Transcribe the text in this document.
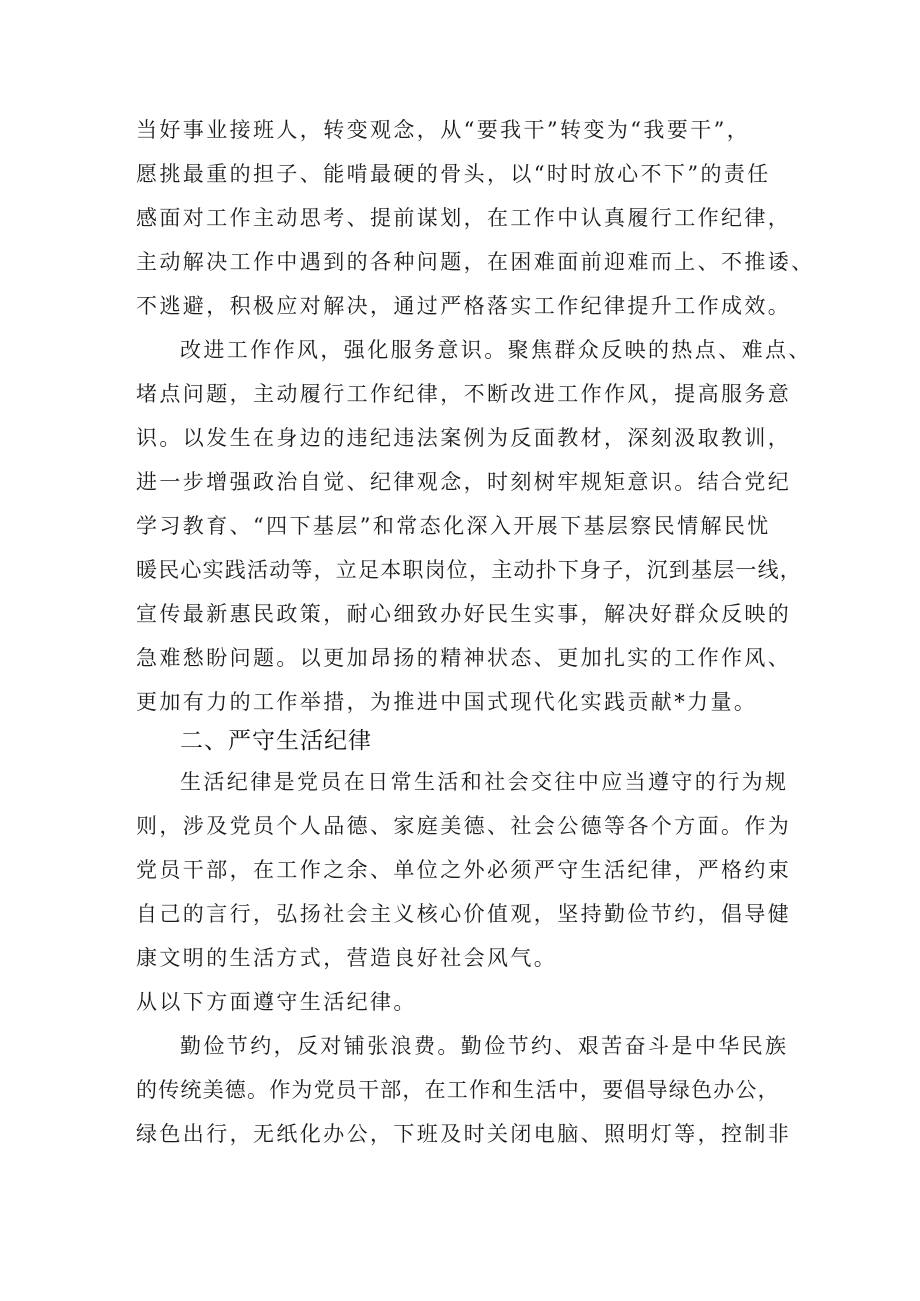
当好事业接班人，转变观念，从“要我干”转变为“我要干”，
愿挑最重的担子、能啃最硬的骨头，以“时时放心不下”的责任
感面对工作主动思考、提前谋划，在工作中认真履行工作纪律，
主动解决工作中遇到的各种问题，在困难面前迎难而上、不推诿、
不逃避，积极应对解决，通过严格落实工作纪律提升工作成效。
改进工作作风，强化服务意识。聚焦群众反映的热点、难点、
堵点问题，主动履行工作纪律，不断改进工作作风，提高服务意
识。以发生在身边的违纪违法案例为反面教材，深刻汲取教训，
进一步增强政治自觉、纪律观念，时刻树牢规矩意识。结合党纪
学习教育、“四下基层”和常态化深入开展下基层察民情解民忧
暖民心实践活动等，立足本职岗位，主动扑下身子，沉到基层一线，
宣传最新惠民政策，耐心细致办好民生实事，解决好群众反映的
急难愁盼问题。以更加昂扬的精神状态、更加扎实的工作作风、
更加有力的工作举措，为推进中国式现代化实践贡献*力量。
二、严守生活纪律
生活纪律是党员在日常生活和社会交往中应当遵守的行为规
则，涉及党员个人品德、家庭美德、社会公德等各个方面。作为
党员干部，在工作之余、单位之外必须严守生活纪律，严格约束
自己的言行，弘扬社会主义核心价值观，坚持勤俭节约，倡导健
康文明的生活方式，营造良好社会风气。
从以下方面遵守生活纪律。
勤俭节约，反对铺张浪费。勤俭节约、艰苦奋斗是中华民族
的传统美德。作为党员干部，在工作和生活中，要倡导绿色办公，
绿色出行，无纸化办公，下班及时关闭电脑、照明灯等，控制非
